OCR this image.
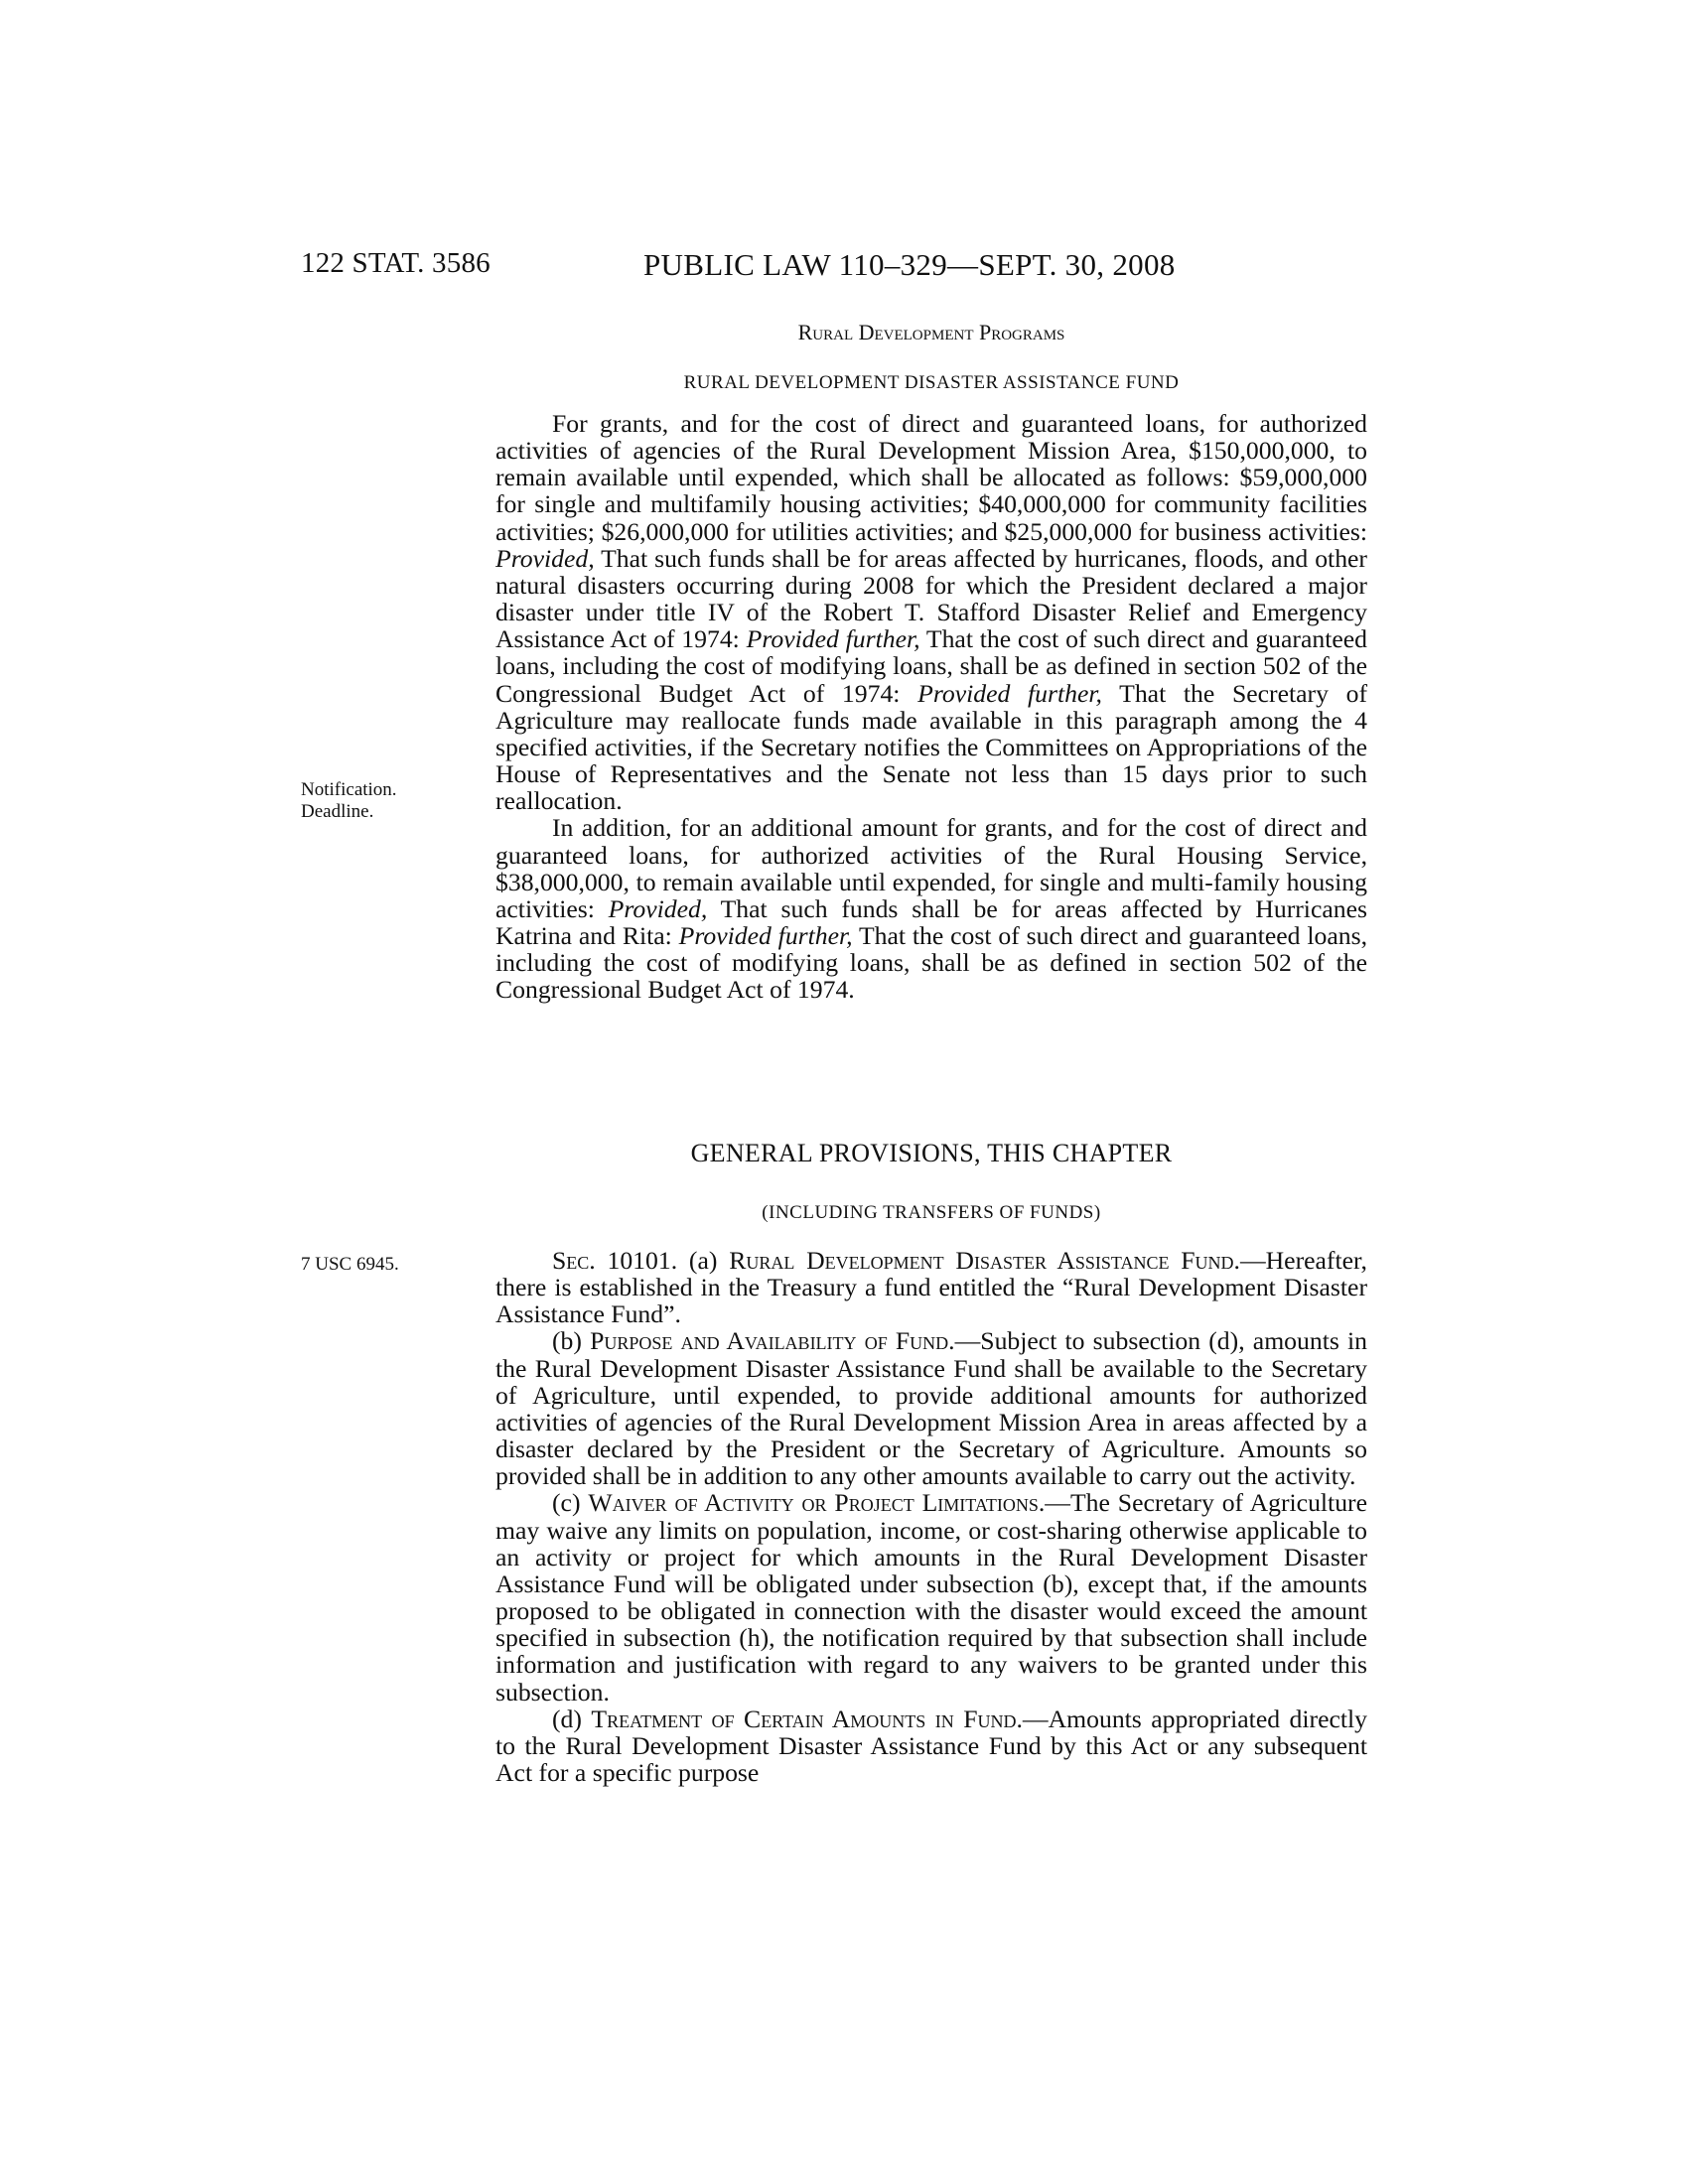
122 STAT. 3586	PUBLIC LAW 110–329—SEPT. 30, 2008
Rural Development Programs
RURAL DEVELOPMENT DISASTER ASSISTANCE FUND
Notification.
Deadline.

For grants, and for the cost of direct and guaranteed loans, for authorized activities of agencies of the Rural Development Mission Area, $150,000,000, to remain available until expended, which shall be allocated as follows: $59,000,000 for single and multifamily housing activities; $40,000,000 for community facilities activities; $26,000,000 for utilities activities; and $25,000,000 for business activities: Provided, That such funds shall be for areas affected by hurricanes, floods, and other natural disasters occurring during 2008 for which the President declared a major disaster under title IV of the Robert T. Stafford Disaster Relief and Emergency Assistance Act of 1974: Provided further, That the cost of such direct and guaranteed loans, including the cost of modifying loans, shall be as defined in section 502 of the Congressional Budget Act of 1974: Provided further, That the Secretary of Agriculture may reallocate funds made available in this paragraph among the 4 specified activities, if the Secretary notifies the Committees on Appropriations of the House of Representatives and the Senate not less than 15 days prior to such reallocation.

In addition, for an additional amount for grants, and for the cost of direct and guaranteed loans, for authorized activities of the Rural Housing Service, $38,000,000, to remain available until expended, for single and multi-family housing activities: Provided, That such funds shall be for areas affected by Hurricanes Katrina and Rita: Provided further, That the cost of such direct and guaranteed loans, including the cost of modifying loans, shall be as defined in section 502 of the Congressional Budget Act of 1974.

GENERAL PROVISIONS, THIS CHAPTER
(INCLUDING TRANSFERS OF FUNDS)
7 USC 6945.	Sec. 10101. (a) Rural Development Disaster Assistance Fund.—Hereafter, there is established in the Treasury a fund entitled the “Rural Development Disaster Assistance Fund”.

(b) Purpose and Availability of Fund.—Subject to subsection (d), amounts in the Rural Development Disaster Assistance Fund shall be available to the Secretary of Agriculture, until expended, to provide additional amounts for authorized activities of agencies of the Rural Development Mission Area in areas affected by a disaster declared by the President or the Secretary of Agriculture. Amounts so provided shall be in addition to any other amounts available to carry out the activity.

(c) Waiver of Activity or Project Limitations.—The Secretary of Agriculture may waive any limits on population, income, or cost-sharing otherwise applicable to an activity or project for which amounts in the Rural Development Disaster Assistance Fund will be obligated under subsection (b), except that, if the amounts proposed to be obligated in connection with the disaster would exceed the amount specified in subsection (h), the notification required by that subsection shall include information and justification with regard to any waivers to be granted under this subsection.

(d) Treatment of Certain Amounts in Fund.—Amounts appropriated directly to the Rural Development Disaster Assistance Fund by this Act or any subsequent Act for a specific purpose
